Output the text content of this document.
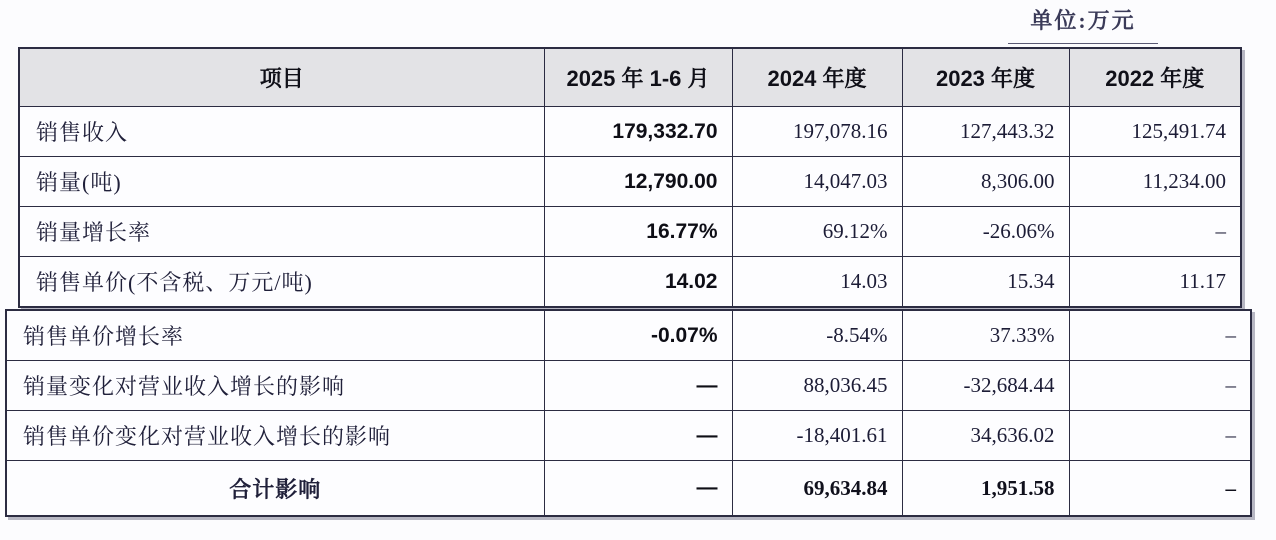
单位:万元
项目	2025 年 1-6 月	2024 年度	2023 年度	2022 年度
销售收入	179,332.70	197,078.16	127,443.32	125,491.74
销量(吨)	12,790.00	14,047.03	8,306.00	11,234.00
销量增长率	16.77%	69.12%	-26.06%	–
销售单价(不含税、万元/吨)	14.02	14.03	15.34	11.17
销售单价增长率	-0.07%	-8.54%	37.33%	–
销量变化对营业收入增长的影响	—	88,036.45	-32,684.44	–
销售单价变化对营业收入增长的影响	—	-18,401.61	34,636.02	–
合计影响	—	69,634.84	1,951.58	–
